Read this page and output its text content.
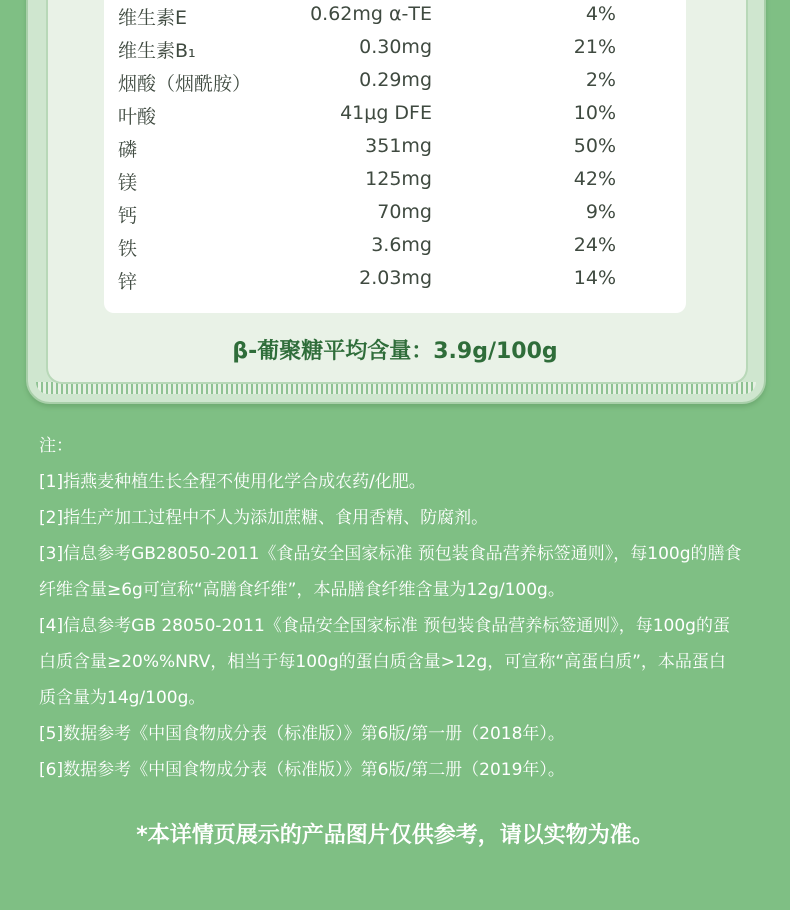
维生素E	0.62mg α-TE	4%
维生素B₁	0.30mg	21%
烟酸（烟酰胺）	0.29mg	2%
叶酸	41μg DFE	10%
磷	351mg	50%
镁	125mg	42%
钙	70mg	9%
铁	3.6mg	24%
锌	2.03mg	14%
β-葡聚糖平均含量：3.9g/100g
注：
[1]指燕麦种植生长全程不使用化学合成农药/化肥。
[2]指生产加工过程中不人为添加蔗糖、食用香精、防腐剂。
[3]信息参考GB28050-2011《食品安全国家标准 预包装食品营养标签通则》，每100g的膳食
纤维含量≥6g可宣称“高膳食纤维”，本品膳食纤维含量为12g/100g。
[4]信息参考GB 28050-2011《食品安全国家标准 预包装食品营养标签通则》，每100g的蛋
白质含量≥20%%NRV，相当于每100g的蛋白质含量>12g，可宣称“高蛋白质”，本品蛋白
质含量为14g/100g。
[5]数据参考《中国食物成分表（标准版）》第6版/第一册（2018年）。
[6]数据参考《中国食物成分表（标准版）》第6版/第二册（2019年）。
*本详情页展示的产品图片仅供参考，请以实物为准。
